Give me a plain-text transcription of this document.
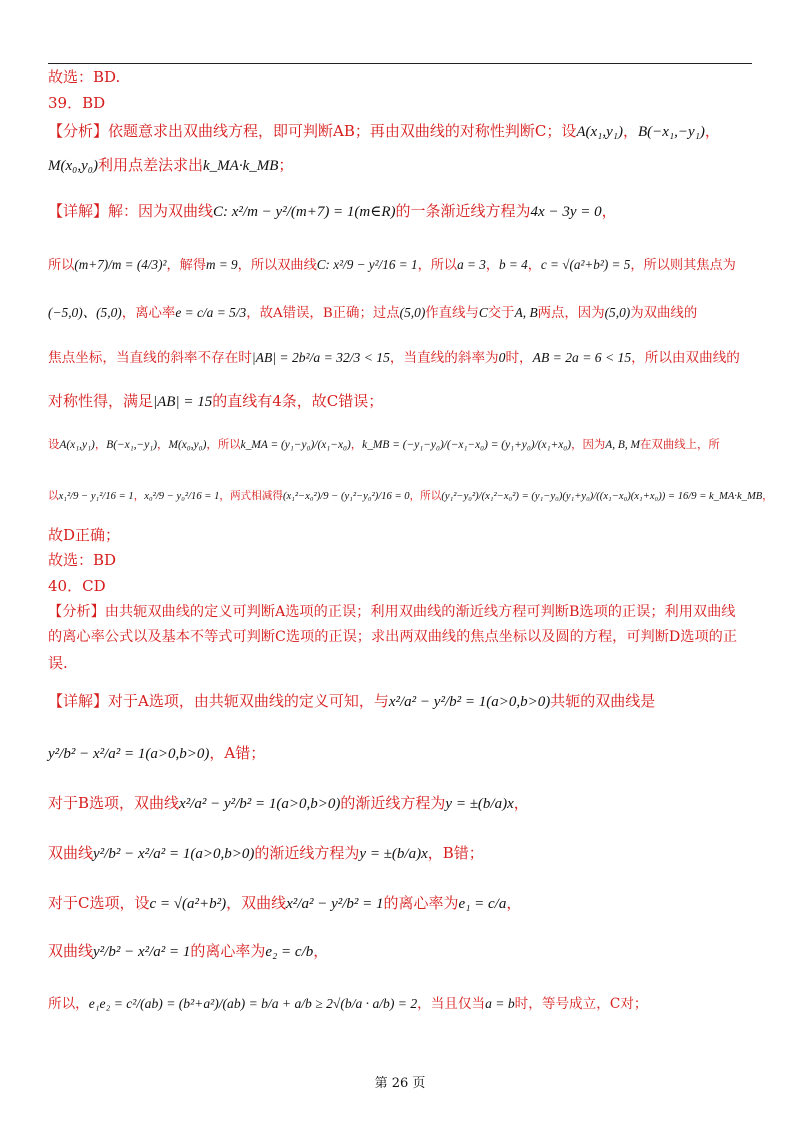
故选：BD.
39．BD
【分析】依题意求出双曲线方程，即可判断AB；再由双曲线的对称性判断C；设A(x₁,y₁)，B(−x₁,−y₁)，
M(x₀,y₀)利用点差法求出k_MA·k_MB；
【详解】解：因为双曲线C: x²/m − y²/(m+7) = 1(m∈R)的一条渐近线方程为4x − 3y = 0，
所以(m+7)/m = (4/3)²，解得m = 9，所以双曲线C: x²/9 − y²/16 = 1，所以a = 3，b = 4，c = √(a²+b²) = 5，所以则其焦点为
(−5,0)、(5,0)，离心率e = c/a = 5/3，故A错误，B正确；过点(5,0)作直线与C交于A, B两点，因为(5,0)为双曲线的
焦点坐标，当直线的斜率不存在时|AB| = 2b²/a = 32/3 < 15，当直线的斜率为0时，AB = 2a = 6 < 15，所以由双曲线的
对称性得，满足|AB| = 15的直线有4条，故C错误；
设A(x₁,y₁)，B(−x₁,−y₁)，M(x₀,y₀)，所以k_MA = (y₁−y₀)/(x₁−x₀)，k_MB = (−y₁−y₀)/(−x₁−x₀) = (y₁+y₀)/(x₁+x₀)，因为A, B, M在双曲线上，所
以x₁²/9 − y₁²/16 = 1，x₀²/9 − y₀²/16 = 1，两式相减得(x₁²−x₀²)/9 − (y₁²−y₀²)/16 = 0，所以(y₁²−y₀²)/(x₁²−x₀²) = (y₁−y₀)(y₁+y₀)/((x₁−x₀)(x₁+x₀)) = 16/9 = k_MA·k_MB，
故D正确；
故选：BD
40．CD
【分析】由共轭双曲线的定义可判断A选项的正误；利用双曲线的渐近线方程可判断B选项的正误；利用双曲线
的离心率公式以及基本不等式可判断C选项的正误；求出两双曲线的焦点坐标以及圆的方程，可判断D选项的正
误.
【详解】对于A选项，由共轭双曲线的定义可知，与x²/a² − y²/b² = 1(a>0,b>0)共轭的双曲线是
y²/b² − x²/a² = 1(a>0,b>0)，A错；
对于B选项，双曲线x²/a² − y²/b² = 1(a>0,b>0)的渐近线方程为y = ±(b/a)x，
双曲线y²/b² − x²/a² = 1(a>0,b>0)的渐近线方程为y = ±(b/a)x，B错；
对于C选项，设c = √(a²+b²)，双曲线x²/a² − y²/b² = 1的离心率为e₁ = c/a，
双曲线y²/b² − x²/a² = 1的离心率为e₂ = c/b，
所以，e₁e₂ = c²/(ab) = (b²+a²)/(ab) = b/a + a/b ≥ 2√(b/a · a/b) = 2，当且仅当a = b时，等号成立，C对；
第 26 页
